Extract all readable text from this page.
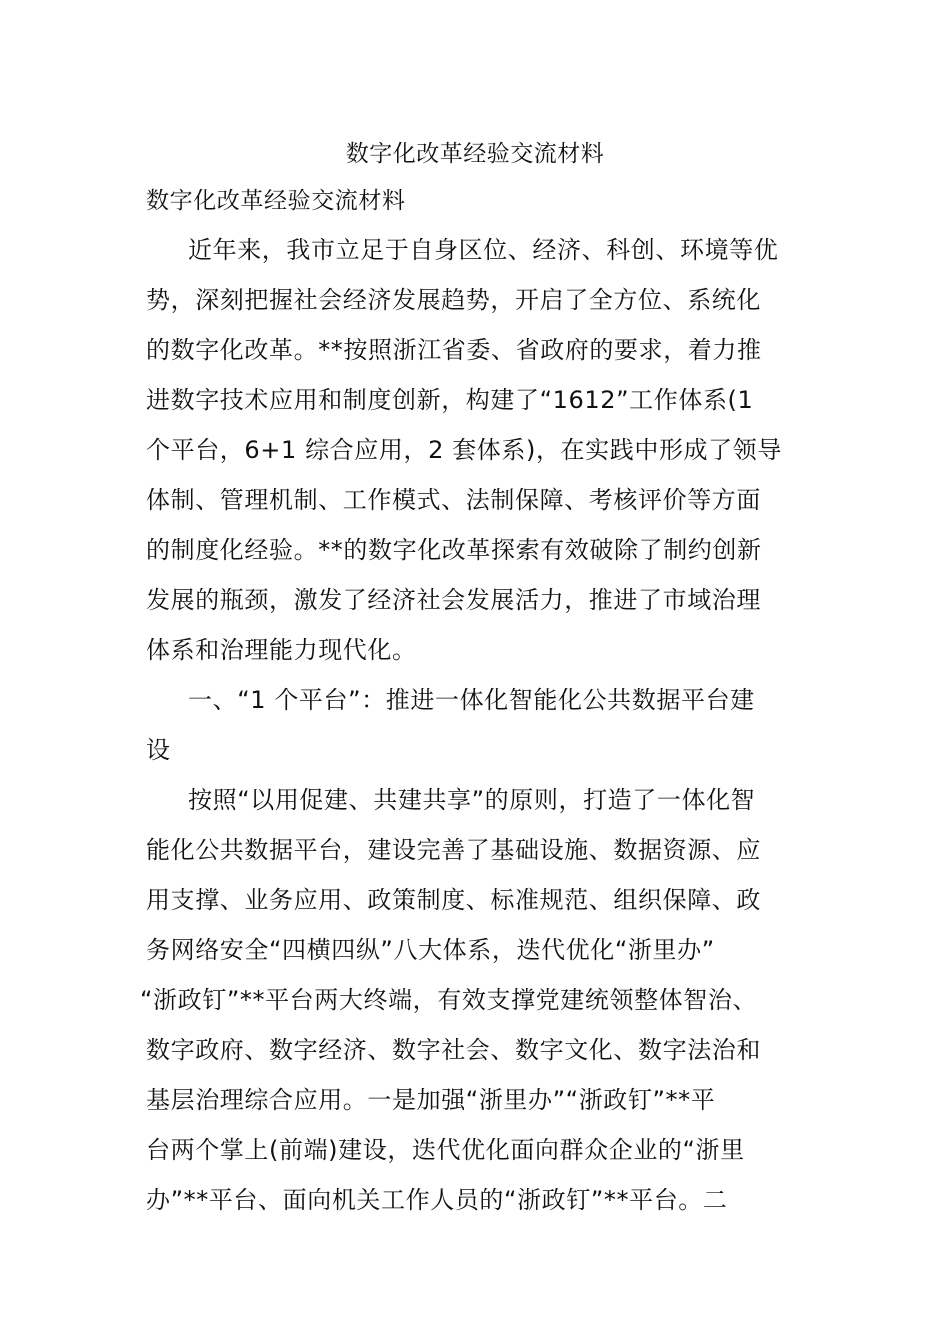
数字化改革经验交流材料
数字化改革经验交流材料
近年来，我市立足于自身区位、经济、科创、环境等优
势，深刻把握社会经济发展趋势，开启了全方位、系统化
的数字化改革。**按照浙江省委、省政府的要求，着力推
进数字技术应用和制度创新，构建了“1612”工作体系(1
个平台，6+1 综合应用，2 套体系)，在实践中形成了领导
体制、管理机制、工作模式、法制保障、考核评价等方面
的制度化经验。**的数字化改革探索有效破除了制约创新
发展的瓶颈，激发了经济社会发展活力，推进了市域治理
体系和治理能力现代化。
一、“1 个平台”：推进一体化智能化公共数据平台建
设
按照“以用促建、共建共享”的原则，打造了一体化智
能化公共数据平台，建设完善了基础设施、数据资源、应
用支撑、业务应用、政策制度、标准规范、组织保障、政
务网络安全“四横四纵”八大体系，迭代优化“浙里办”
“浙政钉”**平台两大终端，有效支撑党建统领整体智治、
数字政府、数字经济、数字社会、数字文化、数字法治和
基层治理综合应用。一是加强“浙里办”“浙政钉”**平
台两个掌上(前端)建设，迭代优化面向群众企业的“浙里
办”**平台、面向机关工作人员的“浙政钉”**平台。二
